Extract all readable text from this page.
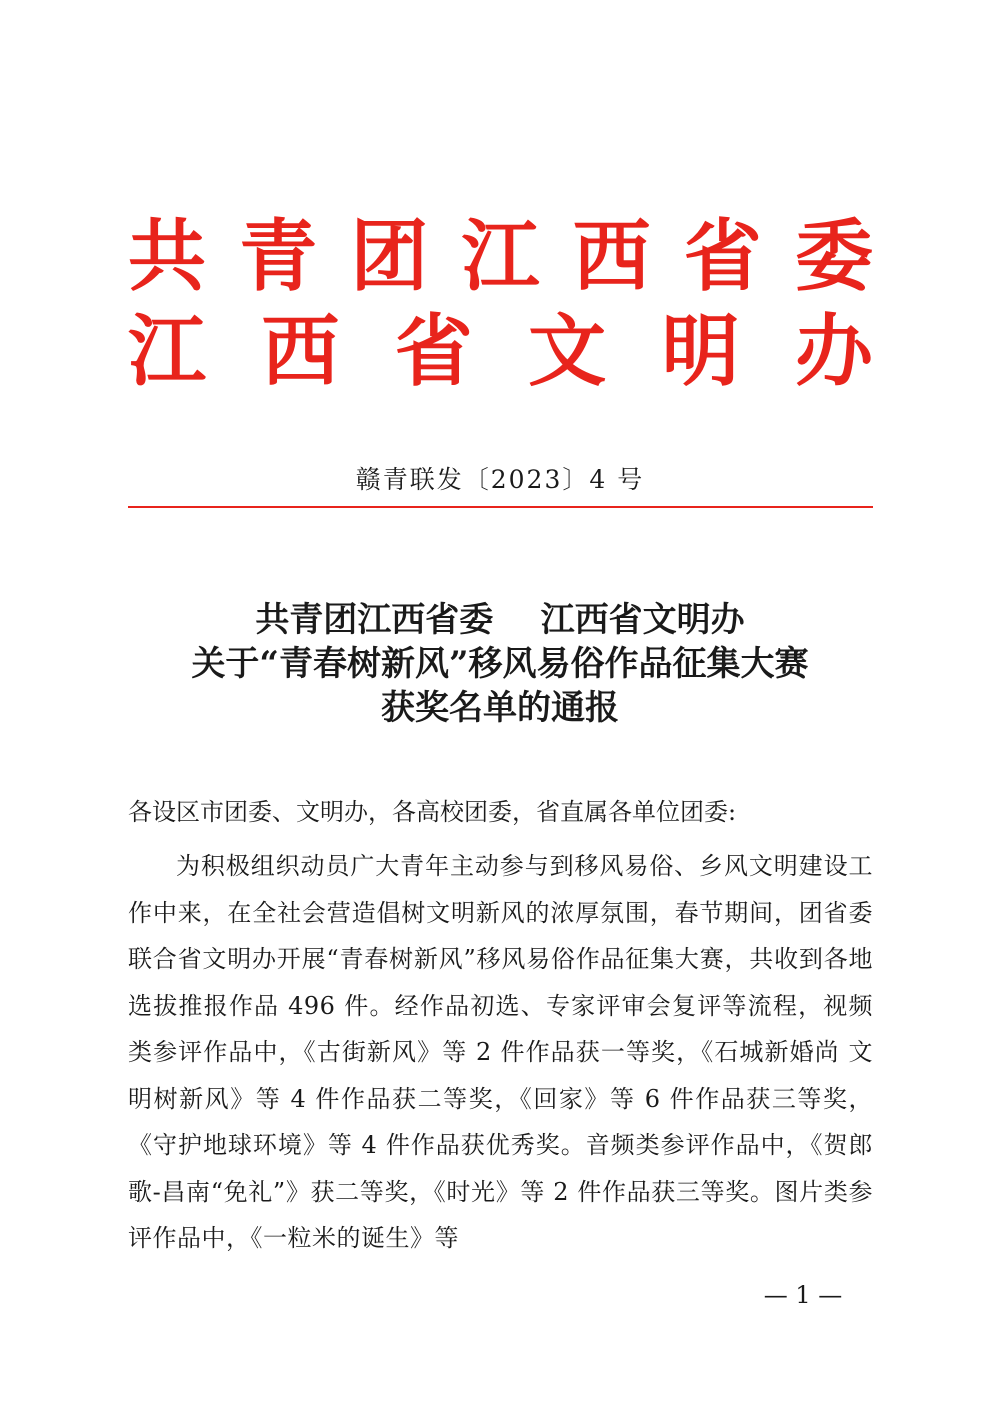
共 青 团 江 西 省 委
江 西 省 文 明 办
赣青联发〔2023〕4 号
共青团江西省委    江西省文明办
关于“青春树新风”移风易俗作品征集大赛
获奖名单的通报
各设区市团委、文明办，各高校团委，省直属各单位团委:
为积极组织动员广大青年主动参与到移风易俗、乡风文明建设工作中来，在全社会营造倡树文明新风的浓厚氛围，春节期间，团省委联合省文明办开展“青春树新风”移风易俗作品征集大赛，共收到各地选拔推报作品 496 件。经作品初选、专家评审会复评等流程，视频类参评作品中，《古街新风》等 2 件作品获一等奖，《石城新婚尚 文明树新风》等 4 件作品获二等奖，《回家》等 6 件作品获三等奖，《守护地球环境》等 4 件作品获优秀奖。音频类参评作品中，《贺郎歌-昌南“免礼”》获二等奖，《时光》等 2 件作品获三等奖。图片类参评作品中，《一粒米的诞生》等
— 1 —
